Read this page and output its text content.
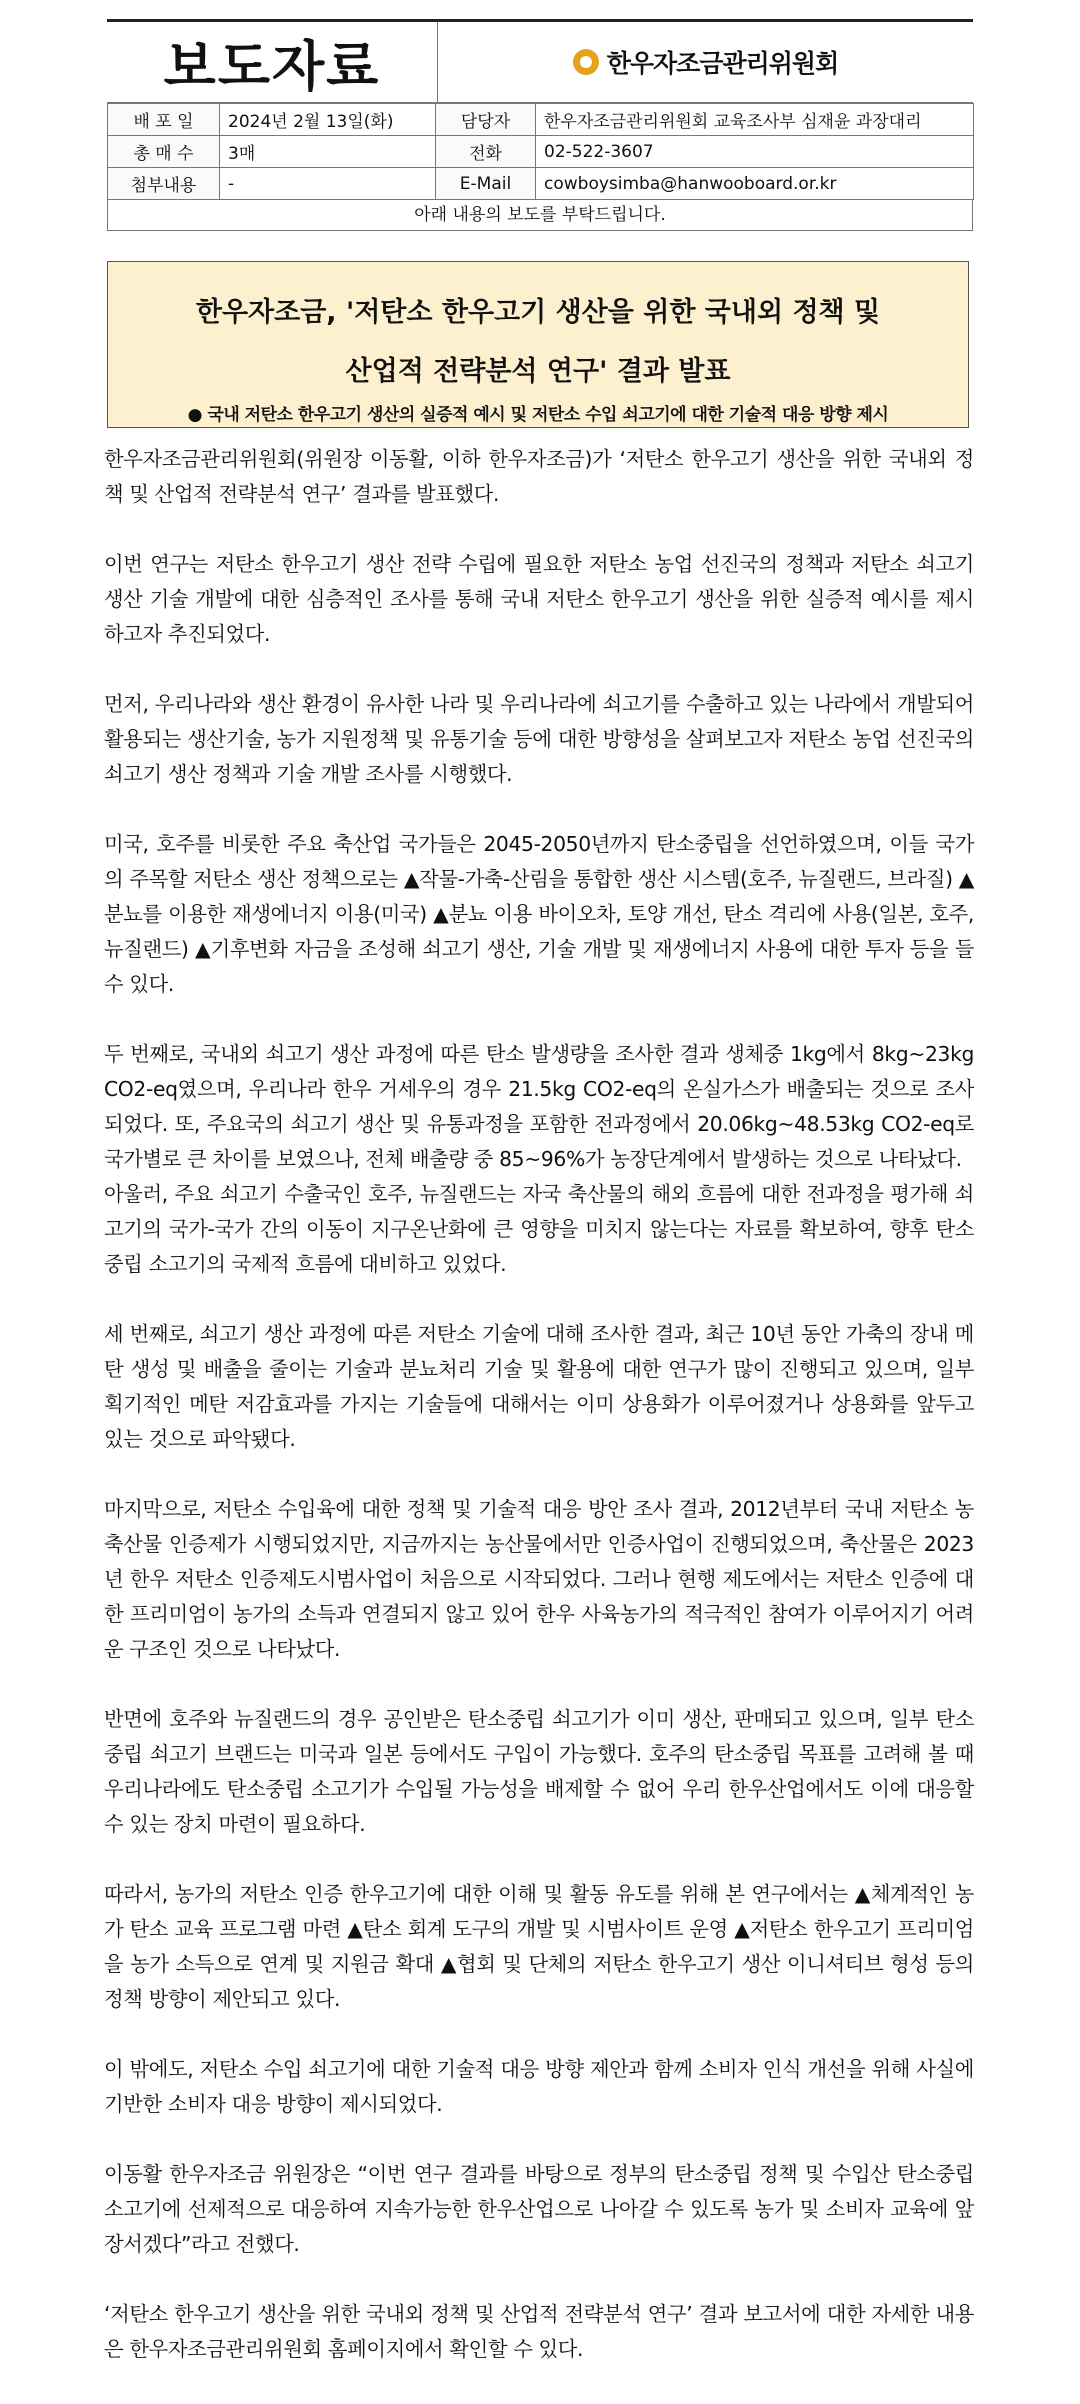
보도자료	한우자조금관리위원회
배 포 일	2024년 2월 13일(화)	담당자	한우자조금관리위원회 교육조사부 심재윤 과장대리
총 매 수	3매	전화	02-522-3607
첨부내용	-	E-Mail	cowboysimba@hanwooboard.or.kr
아래 내용의 보도를 부탁드립니다.
한우자조금, '저탄소 한우고기 생산을 위한 국내외 정책 및
산업적 전략분석 연구' 결과 발표
● 국내 저탄소 한우고기 생산의 실증적 예시 및 저탄소 수입 쇠고기에 대한 기술적 대응 방향 제시

한우자조금관리위원회(위원장 이동활, 이하 한우자조금)가 ‘저탄소 한우고기 생산을 위한 국내외 정책 및 산업적 전략분석 연구’ 결과를 발표했다.

이번 연구는 저탄소 한우고기 생산 전략 수립에 필요한 저탄소 농업 선진국의 정책과 저탄소 쇠고기 생산 기술 개발에 대한 심층적인 조사를 통해 국내 저탄소 한우고기 생산을 위한 실증적 예시를 제시하고자 추진되었다.

먼저, 우리나라와 생산 환경이 유사한 나라 및 우리나라에 쇠고기를 수출하고 있는 나라에서 개발되어 활용되는 생산기술, 농가 지원정책 및 유통기술 등에 대한 방향성을 살펴보고자 저탄소 농업 선진국의 쇠고기 생산 정책과 기술 개발 조사를 시행했다.

미국, 호주를 비롯한 주요 축산업 국가들은 2045-2050년까지 탄소중립을 선언하였으며, 이들 국가의 주목할 저탄소 생산 정책으로는 ▲작물-가축-산림을 통합한 생산 시스템(호주, 뉴질랜드, 브라질) ▲분뇨를 이용한 재생에너지 이용(미국) ▲분뇨 이용 바이오차, 토양 개선, 탄소 격리에 사용(일본, 호주, 뉴질랜드) ▲기후변화 자금을 조성해 쇠고기 생산, 기술 개발 및 재생에너지 사용에 대한 투자 등을 들 수 있다.

두 번째로, 국내외 쇠고기 생산 과정에 따른 탄소 발생량을 조사한 결과 생체중 1kg에서 8kg~23kg CO2-eq였으며, 우리나라 한우 거세우의 경우 21.5kg CO2-eq의 온실가스가 배출되는 것으로 조사되었다. 또, 주요국의 쇠고기 생산 및 유통과정을 포함한 전과정에서 20.06kg~48.53kg CO2-eq로 국가별로 큰 차이를 보였으나, 전체 배출량 중 85~96%가 농장단계에서 발생하는 것으로 나타났다.

아울러, 주요 쇠고기 수출국인 호주, 뉴질랜드는 자국 축산물의 해외 흐름에 대한 전과정을 평가해 쇠고기의 국가-국가 간의 이동이 지구온난화에 큰 영향을 미치지 않는다는 자료를 확보하여, 향후 탄소중립 소고기의 국제적 흐름에 대비하고 있었다.

세 번째로, 쇠고기 생산 과정에 따른 저탄소 기술에 대해 조사한 결과, 최근 10년 동안 가축의 장내 메탄 생성 및 배출을 줄이는 기술과 분뇨처리 기술 및 활용에 대한 연구가 많이 진행되고 있으며, 일부 획기적인 메탄 저감효과를 가지는 기술들에 대해서는 이미 상용화가 이루어졌거나 상용화를 앞두고 있는 것으로 파악됐다.

마지막으로, 저탄소 수입육에 대한 정책 및 기술적 대응 방안 조사 결과, 2012년부터 국내 저탄소 농축산물 인증제가 시행되었지만, 지금까지는 농산물에서만 인증사업이 진행되었으며, 축산물은 2023년 한우 저탄소 인증제도시범사업이 처음으로 시작되었다. 그러나 현행 제도에서는 저탄소 인증에 대한 프리미엄이 농가의 소득과 연결되지 않고 있어 한우 사육농가의 적극적인 참여가 이루어지기 어려운 구조인 것으로 나타났다.

반면에 호주와 뉴질랜드의 경우 공인받은 탄소중립 쇠고기가 이미 생산, 판매되고 있으며, 일부 탄소중립 쇠고기 브랜드는 미국과 일본 등에서도 구입이 가능했다. 호주의 탄소중립 목표를 고려해 볼 때 우리나라에도 탄소중립 소고기가 수입될 가능성을 배제할 수 없어 우리 한우산업에서도 이에 대응할 수 있는 장치 마련이 필요하다.

따라서, 농가의 저탄소 인증 한우고기에 대한 이해 및 활동 유도를 위해 본 연구에서는 ▲체계적인 농가 탄소 교육 프로그램 마련 ▲탄소 회계 도구의 개발 및 시범사이트 운영 ▲저탄소 한우고기 프리미엄을 농가 소득으로 연계 및 지원금 확대 ▲협회 및 단체의 저탄소 한우고기 생산 이니셔티브 형성 등의 정책 방향이 제안되고 있다.

이 밖에도, 저탄소 수입 쇠고기에 대한 기술적 대응 방향 제안과 함께 소비자 인식 개선을 위해 사실에 기반한 소비자 대응 방향이 제시되었다.

이동활 한우자조금 위원장은 “이번 연구 결과를 바탕으로 정부의 탄소중립 정책 및 수입산 탄소중립 소고기에 선제적으로 대응하여 지속가능한 한우산업으로 나아갈 수 있도록 농가 및 소비자 교육에 앞장서겠다”라고 전했다.

‘저탄소 한우고기 생산을 위한 국내외 정책 및 산업적 전략분석 연구’ 결과 보고서에 대한 자세한 내용은 한우자조금관리위원회 홈페이지에서 확인할 수 있다.
